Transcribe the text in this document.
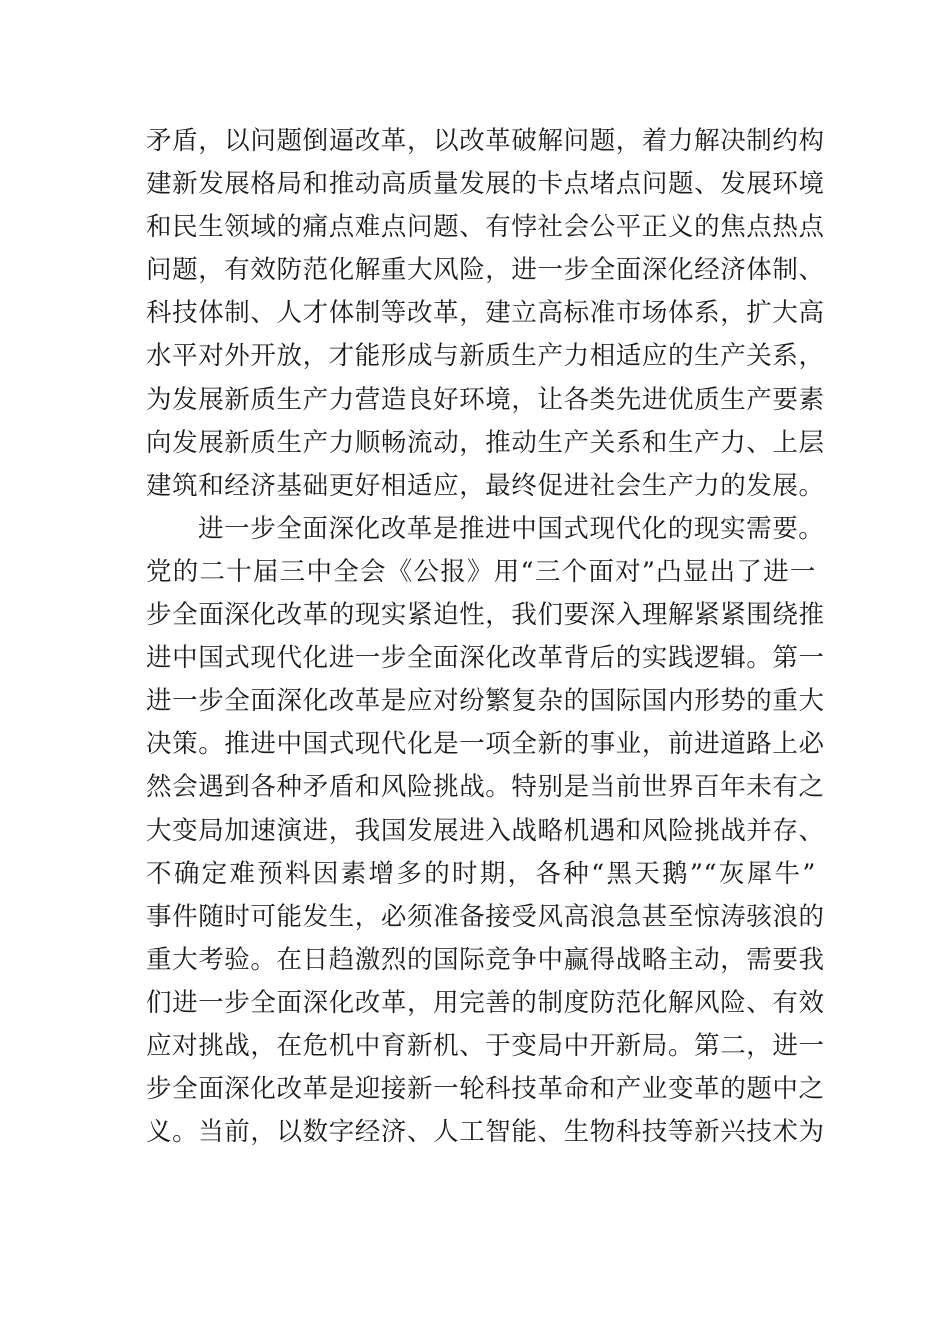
矛盾，以问题倒逼改革，以改革破解问题，着力解决制约构
建新发展格局和推动高质量发展的卡点堵点问题、发展环境
和民生领域的痛点难点问题、有悖社会公平正义的焦点热点
问题，有效防范化解重大风险，进一步全面深化经济体制、
科技体制、人才体制等改革，建立高标准市场体系，扩大高
水平对外开放，才能形成与新质生产力相适应的生产关系，
为发展新质生产力营造良好环境，让各类先进优质生产要素
向发展新质生产力顺畅流动，推动生产关系和生产力、上层
建筑和经济基础更好相适应，最终促进社会生产力的发展。
进一步全面深化改革是推进中国式现代化的现实需要。
党的二十届三中全会《公报》用“三个面对”凸显出了进一
步全面深化改革的现实紧迫性，我们要深入理解紧紧围绕推
进中国式现代化进一步全面深化改革背后的实践逻辑。第一
进一步全面深化改革是应对纷繁复杂的国际国内形势的重大
决策。推进中国式现代化是一项全新的事业，前进道路上必
然会遇到各种矛盾和风险挑战。特别是当前世界百年未有之
大变局加速演进，我国发展进入战略机遇和风险挑战并存、
不确定难预料因素增多的时期，各种“黑天鹅”“灰犀牛”
事件随时可能发生，必须准备接受风高浪急甚至惊涛骇浪的
重大考验。在日趋激烈的国际竞争中赢得战略主动，需要我
们进一步全面深化改革，用完善的制度防范化解风险、有效
应对挑战，在危机中育新机、于变局中开新局。第二，进一
步全面深化改革是迎接新一轮科技革命和产业变革的题中之
义。当前，以数字经济、人工智能、生物科技等新兴技术为
